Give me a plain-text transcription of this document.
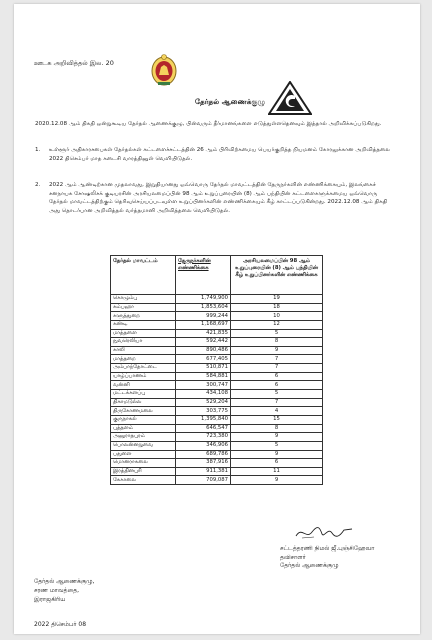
ஊடக அறிவித்தல் இல. 20
தேர்தல் ஆணைக்குழு
2020.12.08 ஆம் திகதி ஒன்றுகூடிய தேர்தல் ஆணைக்குழு, பின்வரும் தீர்மானங்களை எடுத்துள்ளதெனவும் இத்தால் அறிவிக்கப்படுகிறது.
1. உள்ளூர் அதிகாரசபைகள் தேர்தல்கள் கட்டளைச்சட்டத்தின் 26 ஆம் பிரிவிற்கமைய பெயர்குறித்த நியமனம் கோரலுக்கான அறிவித்தலை 2022 திசெம்பர் மாத கடைசி வாரத்தினுள் வெளியிடுதல்.
2. 2022 ஆம் ஆண்டிற்கான முதலாவது, இறுதியானது ஒவ்வொரு தேர்தல் மாவட்டத்தின் தேருநர்களின் எண்ணிக்கையும், இலங்கைச் சனநாயக சோஷலிசக் குடியரசின் அரசியலமைப்பின் 98 ஆம் உறுப்புரையின் (8) ஆம் பந்தியின் கட்டளைகளுக்கமைய ஒவ்வொரு தேர்தல் மாவட்டத்திற்கும் தெரிவுசெய்யப்படவுள்ள உறுப்பினர்களின் எண்ணிக்கையும் கீழ் காட்டப்படுகின்றது. 2022.12.08 ஆம் திகதி அது தொடர்பான அறிவித்தல் வர்த்தமானி அறிவித்தலை வெளியிடுதல்.
தேர்தல் மாவட்டம்	தேருநர்களின் எண்ணிக்கை	அரசியலமைப்பின் 98 ஆம் உறுப்புரையின் (8) ஆம் பந்தியின் கீழ் உறுப்பினர்களின் எண்ணிக்கை
கொழும்பு	1,749,900	19
கம்பஹா	1,853,604	18
களுத்துறை	999,244	10
கண்டி	1,168,697	12
மாத்தளை	421,835	5
நுவரெலியா	592,442	8
காலி	890,486	9
மாத்தறை	677,405	7
அம்பாந்தோட்டை	510,871	7
யாழ்ப்பாணம்	584,881	6
வன்னி	300,747	6
மட்டக்களப்பு	434,108	5
திகாமடுல்ல	529,204	7
திருகோணமலை	303,775	4
குருநாகல்	1,395,840	15
புத்தளம்	646,547	8
அனுராதபுரம்	723,380	9
பொலன்னறுவை	346,906	5
பதுளை	689,786	9
மொனராகலை	387,916	6
இரத்தினபுரி	911,381	11
கேகாலை	709,087	9
சட்டத்தரணி நிமல் ஜீ.புஞ்சிஹேவா
தவிசாளர்
தேர்தல் ஆணைக்குழு
தேர்தல் ஆணைக்குழு,
சரண மாவத்தை,
இராஜகிரிய
2022 திசெம்பர் 08
